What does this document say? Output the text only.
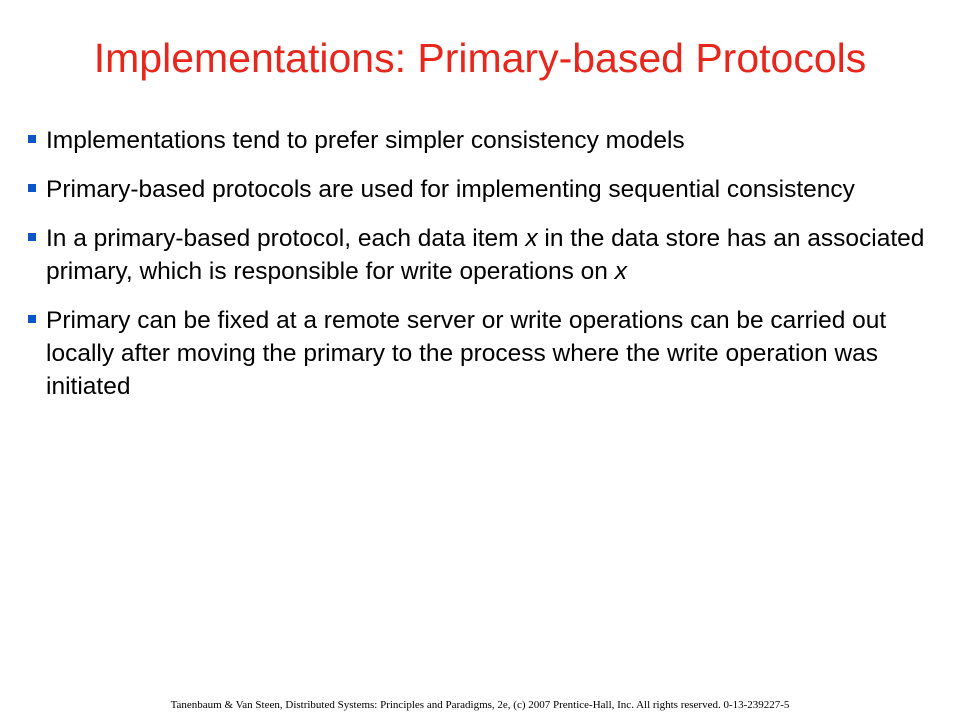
Implementations: Primary-based Protocols
Implementations tend to prefer simpler consistency models
Primary-based protocols are used for implementing sequential consistency
In a primary-based protocol, each data item x in the data store has an associated primary, which is responsible for write operations on x
Primary can be fixed at a remote server or write operations can be carried out locally after moving the primary to the process where the write operation was initiated
Tanenbaum & Van Steen, Distributed Systems: Principles and Paradigms, 2e, (c) 2007 Prentice-Hall, Inc. All rights reserved. 0-13-239227-5
